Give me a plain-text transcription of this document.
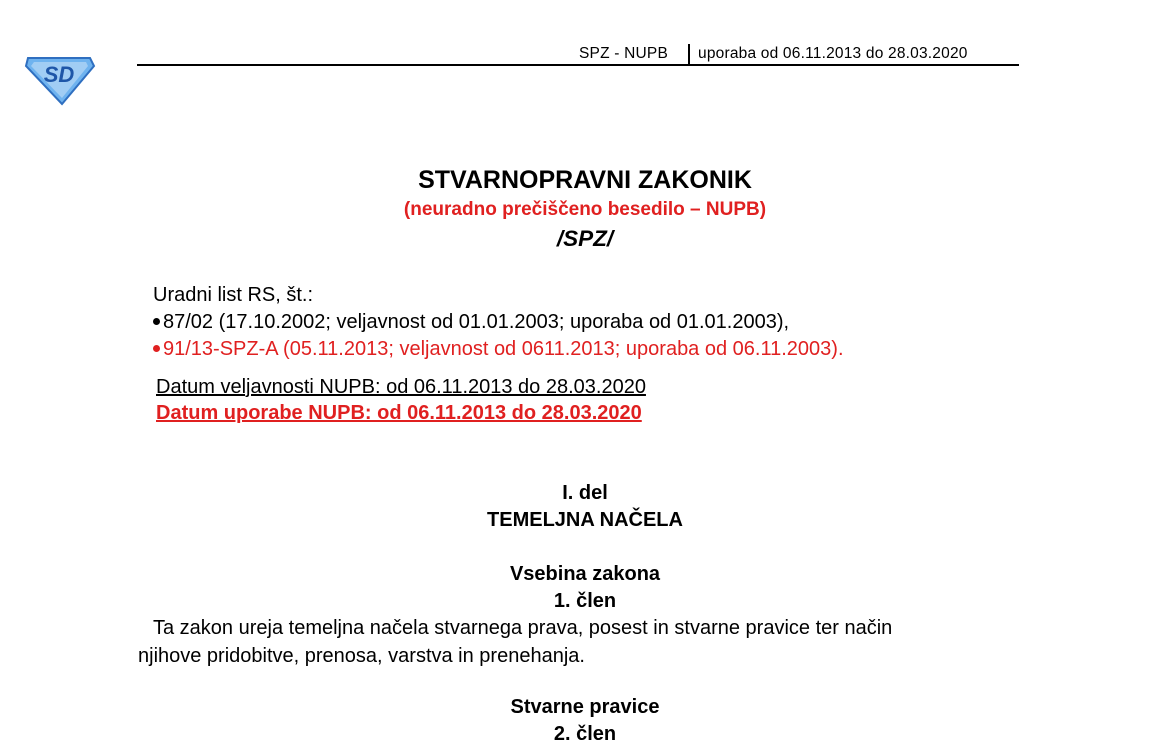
SD
SPZ - NUPB uporaba od 06.11.2013 do 28.03.2020
STVARNOPRAVNI ZAKONIK
(neuradno prečiščeno besedilo – NUPB)
/SPZ/
Uradni list RS, št.:
87/02 (17.10.2002; veljavnost od 01.01.2003; uporaba od 01.01.2003),
91/13-SPZ-A (05.11.2013; veljavnost od 0611.2013; uporaba od 06.11.2003).
Datum veljavnosti NUPB: od 06.11.2013 do 28.03.2020
Datum uporabe NUPB: od 06.11.2013 do 28.03.2020
I. del
TEMELJNA NAČELA
Vsebina zakona
1. člen
Ta zakon ureja temeljna načela stvarnega prava, posest in stvarne pravice ter način
njihove pridobitve, prenosa, varstva in prenehanja.
Stvarne pravice
2. člen
